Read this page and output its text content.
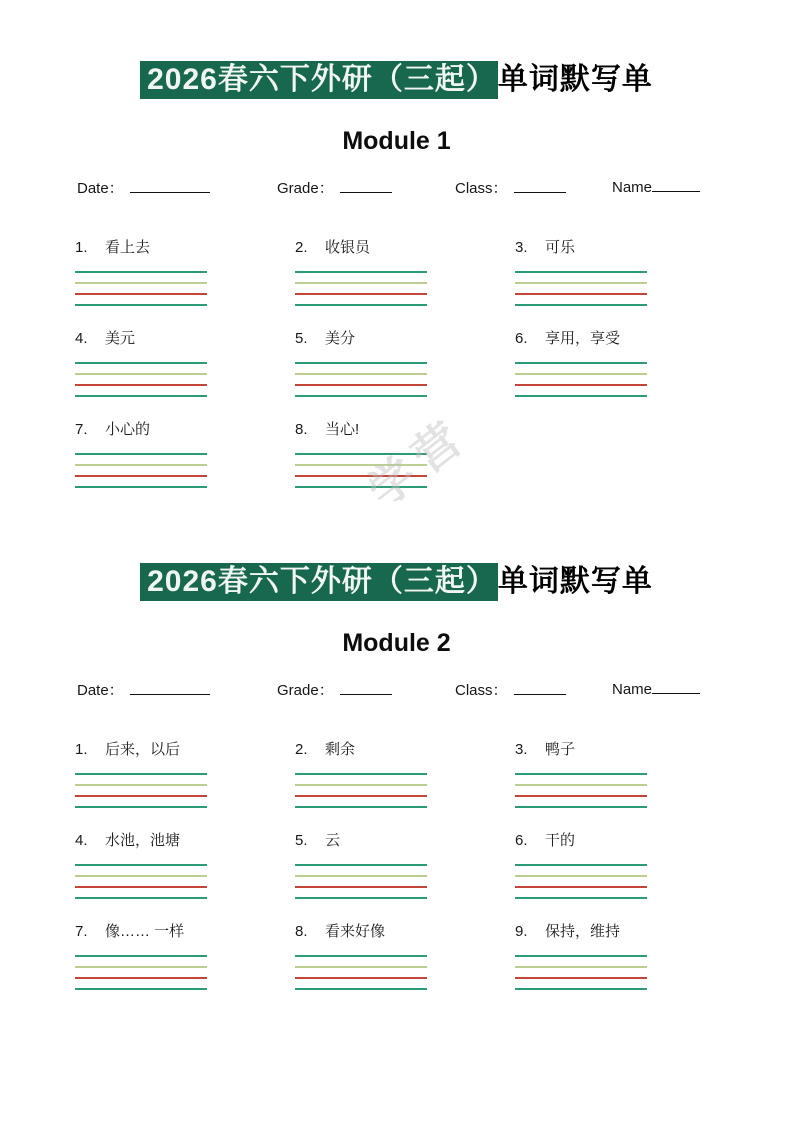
2026春六下外研（三起）单词默写单
Module 1
Date：	Grade：	Class：	Name
1. 看上去	2. 收银员	3. 可乐
4. 美元	5. 美分	6. 享用，享受
7. 小心的	8. 当心!
学营
2026春六下外研（三起）单词默写单
Module 2
Date：	Grade：	Class：	Name
1. 后来，以后	2. 剩余	3. 鸭子
4. 水池，池塘	5. 云	6. 干的
7. 像…… 一样	8. 看来好像	9. 保持，维持
